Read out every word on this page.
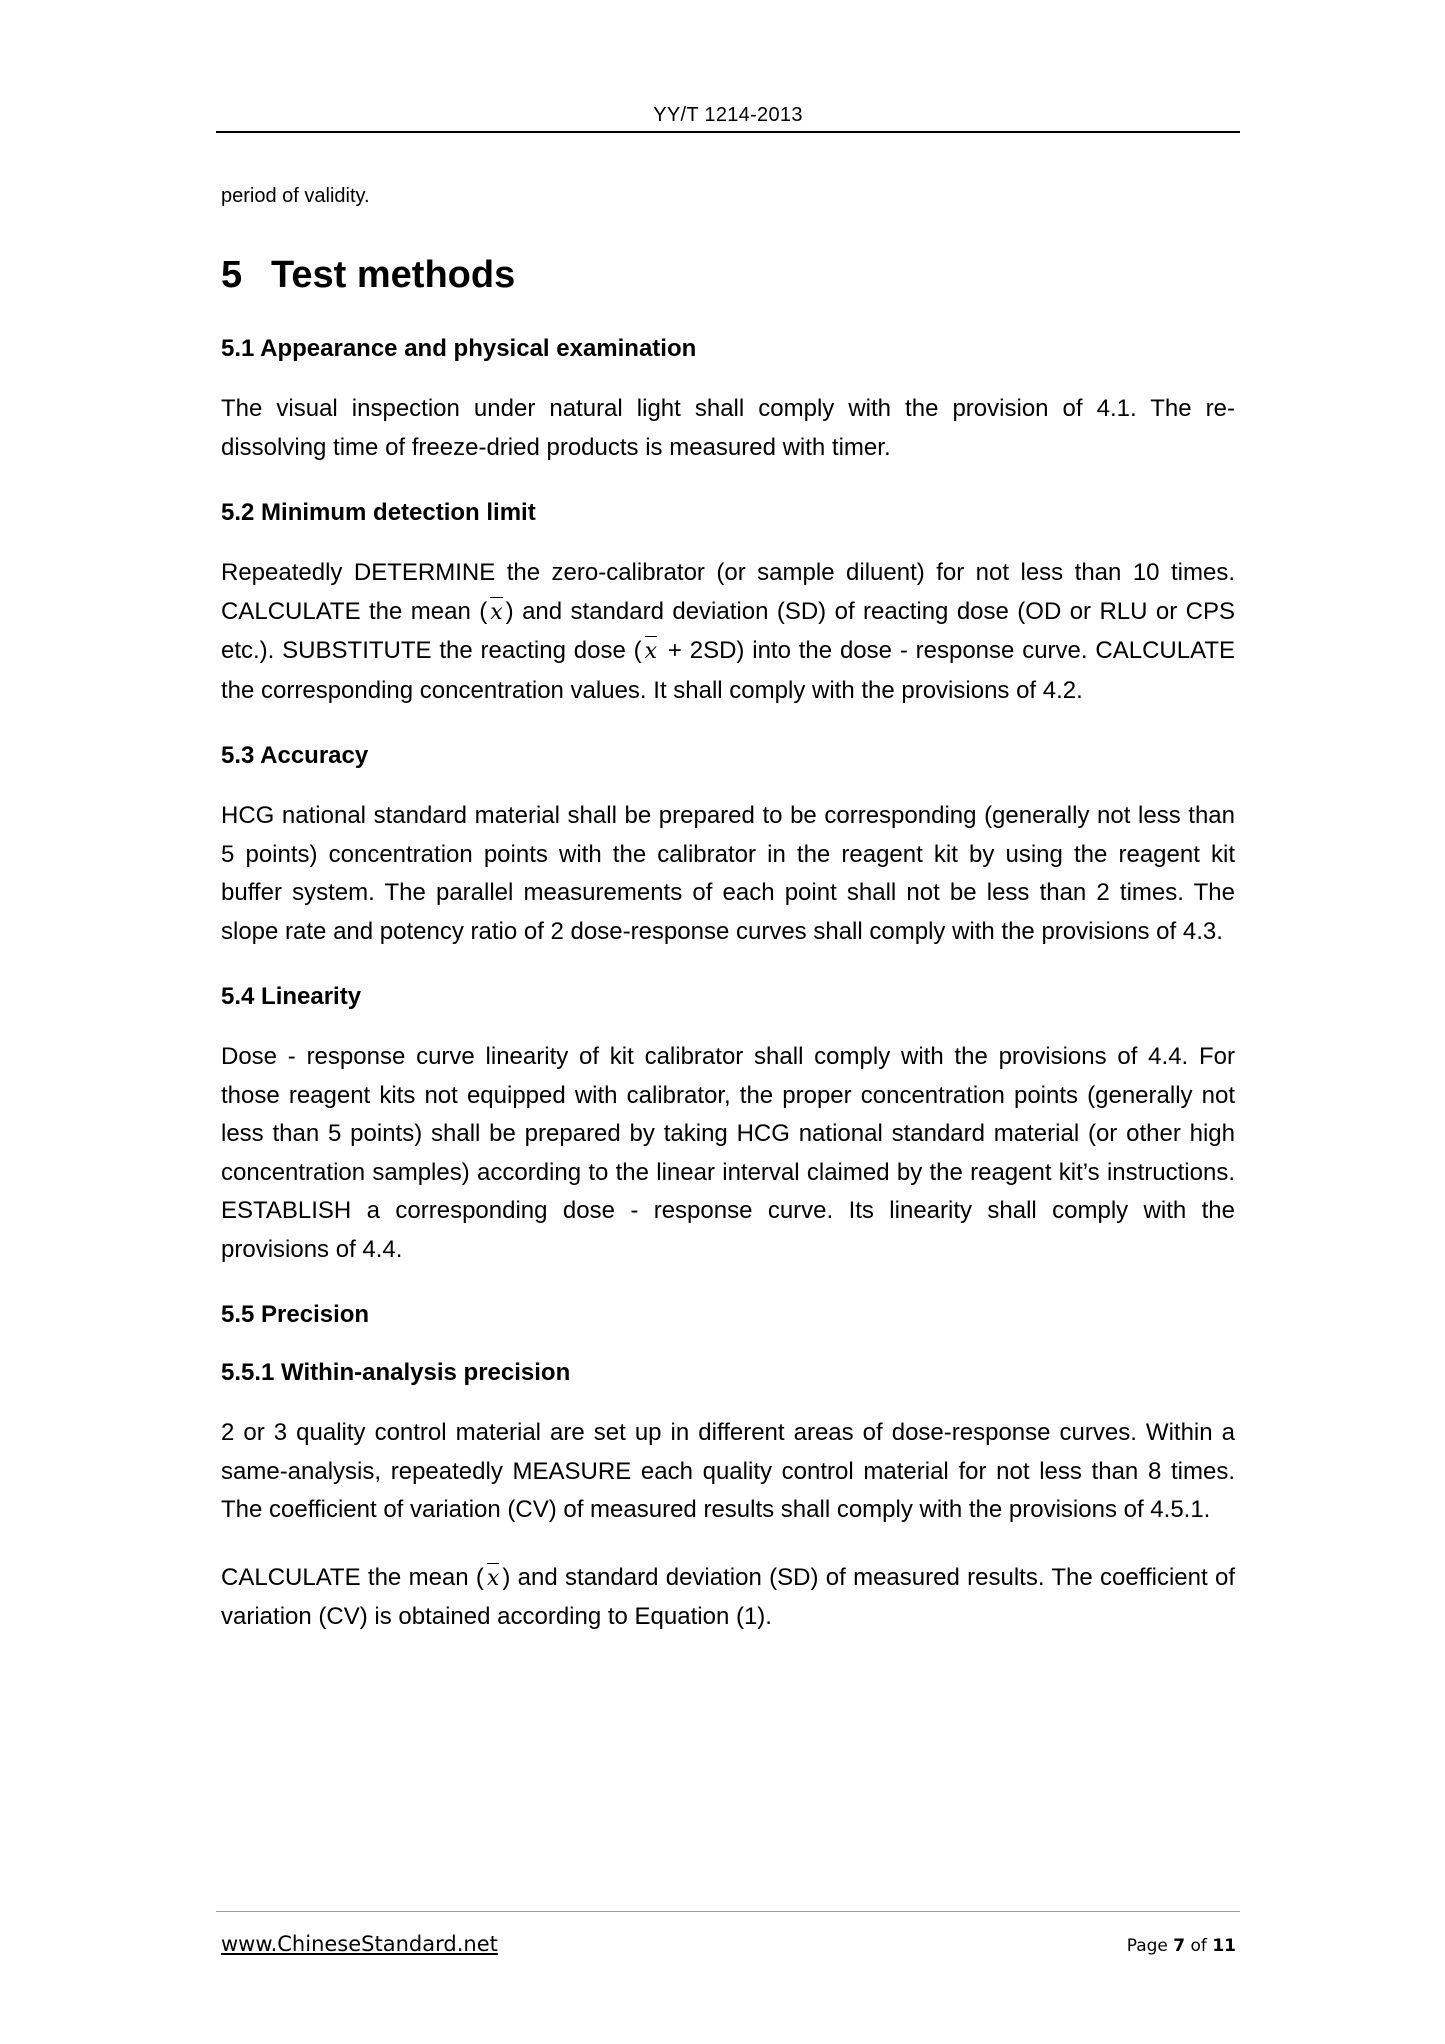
YY/T 1214-2013

period of validity.

5 Test methods
5.1 Appearance and physical examination

The visual inspection under natural light shall comply with the provision of 4.1. The re-dissolving time of freeze-dried products is measured with timer.

5.2 Minimum detection limit

Repeatedly DETERMINE the zero-calibrator (or sample diluent) for not less than 10 times. CALCULATE the mean ( x ) and standard deviation (SD) of reacting dose (OD or RLU or CPS etc.). SUBSTITUTE the reacting dose ( x + 2SD) into the dose - response curve. CALCULATE the corresponding concentration values. It shall comply with the provisions of 4.2.

5.3 Accuracy

HCG national standard material shall be prepared to be corresponding (generally not less than 5 points) concentration points with the calibrator in the reagent kit by using the reagent kit buffer system. The parallel measurements of each point shall not be less than 2 times. The slope rate and potency ratio of 2 dose-response curves shall comply with the provisions of 4.3.

5.4 Linearity

Dose - response curve linearity of kit calibrator shall comply with the provisions of 4.4. For those reagent kits not equipped with calibrator, the proper concentration points (generally not less than 5 points) shall be prepared by taking HCG national standard material (or other high concentration samples) according to the linear interval claimed by the reagent kit’s instructions. ESTABLISH a corresponding dose - response curve. Its linearity shall comply with the provisions of 4.4.

5.5 Precision
5.5.1 Within-analysis precision

2 or 3 quality control material are set up in different areas of dose-response curves. Within a same-analysis, repeatedly MEASURE each quality control material for not less than 8 times. The coefficient of variation (CV) of measured results shall comply with the provisions of 4.5.1.

CALCULATE the mean ( x ) and standard deviation (SD) of measured results. The coefficient of variation (CV) is obtained according to Equation (1).

www.ChineseStandard.net	Page 7 of 11
